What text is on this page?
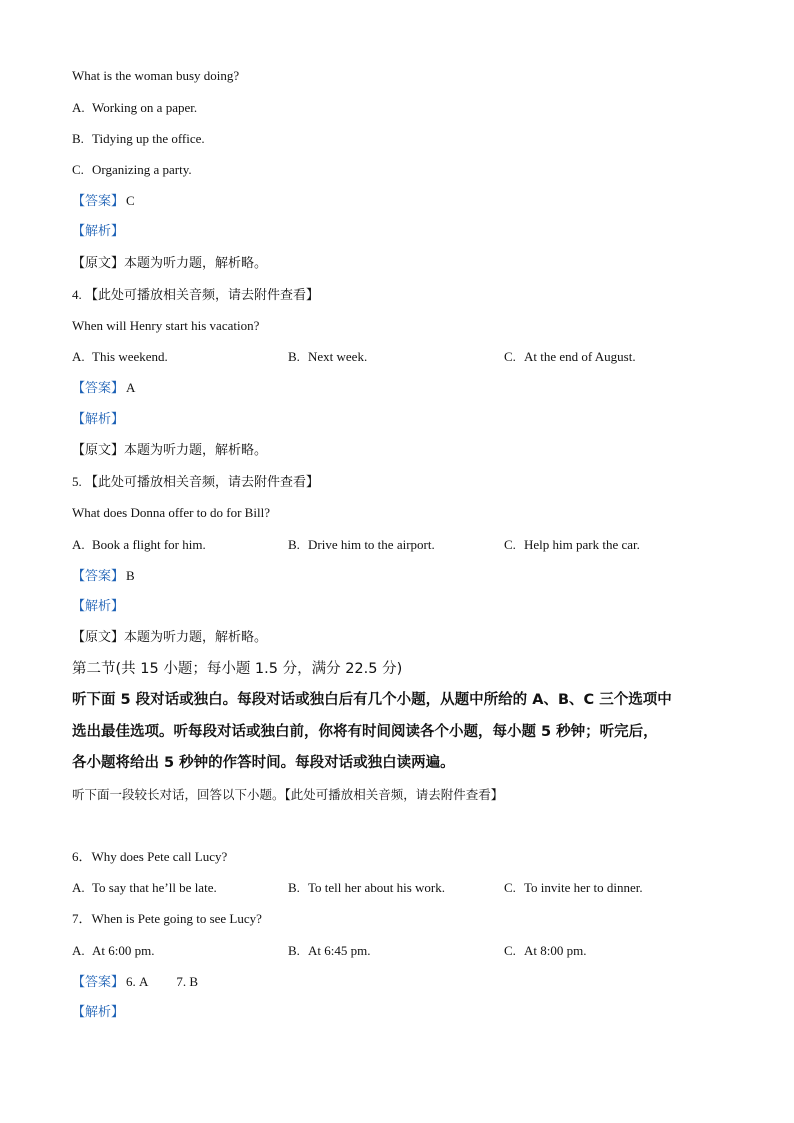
What is the woman busy doing?
A. Working on a paper.
B. Tidying up the office.
C. Organizing a party.
【答案】 C
【解析】
【原文】本题为听力题，解析略。
4. 【此处可播放相关音频，请去附件查看】
When will Henry start his vacation?
A. This weekend.	B. Next week.	C. At the end of August.
【答案】 A
【解析】
【原文】本题为听力题，解析略。
5. 【此处可播放相关音频，请去附件查看】
What does Donna offer to do for Bill?
A. Book a flight for him.	B. Drive him to the airport.	C. Help him park the car.
【答案】 B
【解析】
【原文】本题为听力题，解析略。
第二节(共 15 小题；每小题 1.5 分，满分 22.5 分)
听下面 5 段对话或独白。每段对话或独白后有几个小题，从题中所给的 A、B、C 三个选项中
选出最佳选项。听每段对话或独白前，你将有时间阅读各个小题，每小题 5 秒钟；听完后，
各小题将给出 5 秒钟的作答时间。每段对话或独白读两遍。
听下面一段较长对话，回答以下小题。【此处可播放相关音频，请去附件查看】
6．Why does Pete call Lucy?
A. To say that he’ll be late.	B. To tell her about his work.	C. To invite her to dinner.
7．When is Pete going to see Lucy?
A. At 6:00 pm.	B. At 6:45 pm.	C. At 8:00 pm.
【答案】 6. A 7. B
【解析】
